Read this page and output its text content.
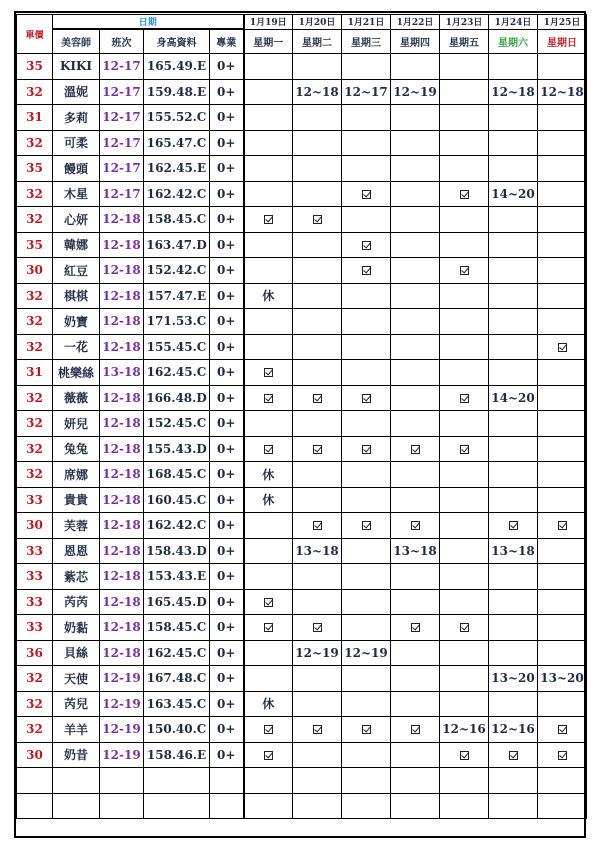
單價	日期				1月19日	1月20日	1月21日	1月22日	1月23日	1月24日	1月25日
	美容師	班次	身高資料	專業	星期一	星期二	星期三	星期四	星期五	星期六	星期日
35	KIKI	12-17	165.49.E	0+							
32	溫妮	12-17	159.48.E	0+		12~18	12~17	12~19		12~18	12~18
31	多莉	12-17	155.52.C	0+							
32	可柔	12-17	165.47.C	0+							
35	饅頭	12-17	162.45.E	0+							
32	木星	12-17	162.42.C	0+						14~20	
32	心妍	12-18	158.45.C	0+							
35	韓娜	12-18	163.47.D	0+							
30	紅豆	12-18	152.42.C	0+							
32	棋棋	12-18	157.47.E	0+	休						
32	奶寶	12-18	171.53.C	0+							
32	一花	12-18	155.45.C	0+							
31	桃樂絲	13-18	162.45.C	0+							
32	薇薇	12-18	166.48.D	0+						14~20	
32	妍兒	12-18	152.45.C	0+							
32	兔兔	12-18	155.43.D	0+							
32	席娜	12-18	168.45.C	0+	休						
33	貴貴	12-18	160.45.C	0+	休						
30	芙蓉	12-18	162.42.C	0+							
33	恩恩	12-18	158.43.D	0+		13~18		13~18		13~18	
33	紫芯	12-18	153.43.E	0+							
33	芮芮	12-18	165.45.D	0+							
33	奶黏	12-18	158.45.C	0+							
36	貝絲	12-18	162.45.C	0+		12~19	12~19				
32	天使	12-19	167.48.C	0+						13~20	13~20
32	芮兒	12-19	163.45.C	0+	休						
32	羊羊	12-19	150.40.C	0+					12~16	12~16	
30	奶昔	12-19	158.46.E	0+							
